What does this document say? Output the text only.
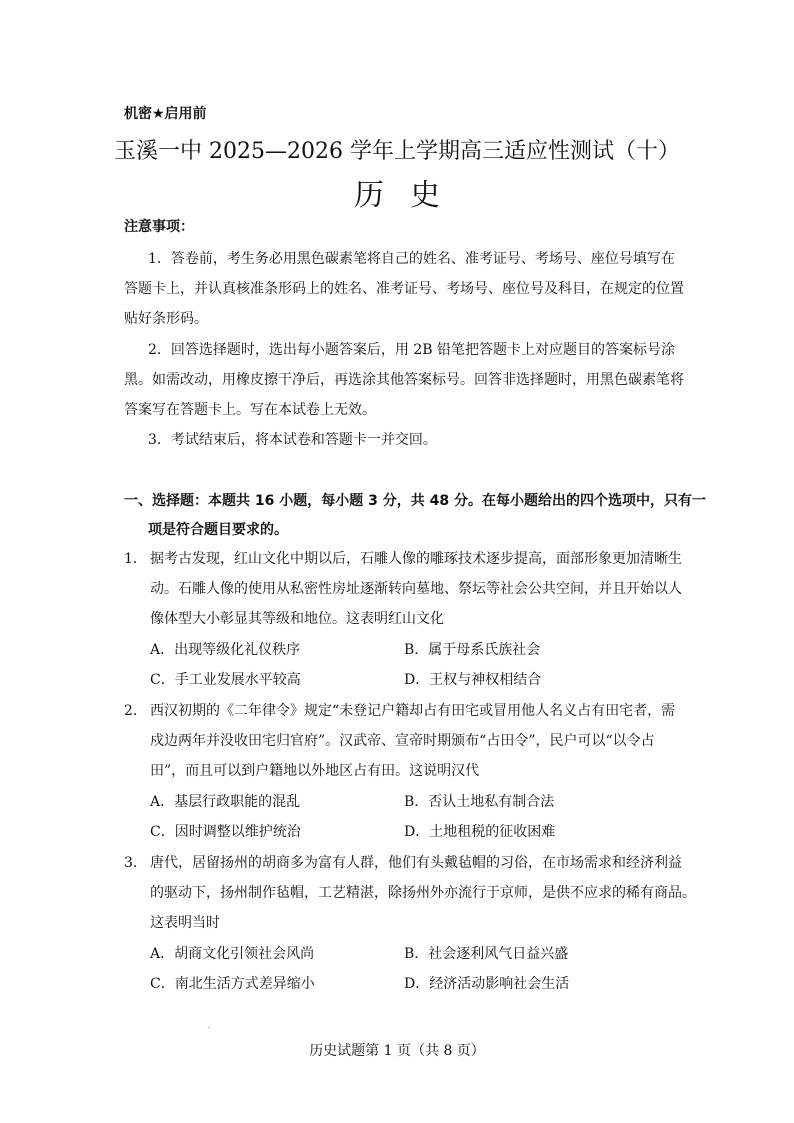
机密★启用前
玉溪一中 2025—2026 学年上学期高三适应性测试（十）
历史
注意事项：
1．答卷前，考生务必用黑色碳素笔将自己的姓名、准考证号、考场号、座位号填写在
答题卡上，并认真核准条形码上的姓名、准考证号、考场号、座位号及科目，在规定的位置
贴好条形码。
2．回答选择题时，选出每小题答案后，用 2B 铅笔把答题卡上对应题目的答案标号涂
黑。如需改动，用橡皮擦干净后，再选涂其他答案标号。回答非选择题时，用黑色碳素笔将
答案写在答题卡上。写在本试卷上无效。
3．考试结束后，将本试卷和答题卡一并交回。
一、选择题：本题共 16 小题，每小题 3 分，共 48 分。在每小题给出的四个选项中，只有一
项是符合题目要求的。
1． 据考古发现，红山文化中期以后，石雕人像的雕琢技术逐步提高，面部形象更加清晰生
动。石雕人像的使用从私密性房址逐渐转向墓地、祭坛等社会公共空间，并且开始以人
像体型大小彰显其等级和地位。这表明红山文化
A．出现等级化礼仪秩序	B．属于母系氏族社会
C．手工业发展水平较高	D．王权与神权相结合
2． 西汉初期的《二年律令》规定“未登记户籍却占有田宅或冒用他人名义占有田宅者，需
戍边两年并没收田宅归官府”。汉武帝、宣帝时期颁布“占田令”，民户可以“以令占
田”，而且可以到户籍地以外地区占有田。这说明汉代
A．基层行政职能的混乱	B．否认土地私有制合法
C．因时调整以维护统治	D．土地租税的征收困难
3． 唐代，居留扬州的胡商多为富有人群，他们有头戴毡帽的习俗，在市场需求和经济利益
的驱动下，扬州制作毡帽，工艺精湛，除扬州外亦流行于京师，是供不应求的稀有商品。
这表明当时
A．胡商文化引领社会风尚	B．社会逐利风气日益兴盛
C．南北生活方式差异缩小	D．经济活动影响社会生活
.
历史试题第 1 页（共 8 页）
